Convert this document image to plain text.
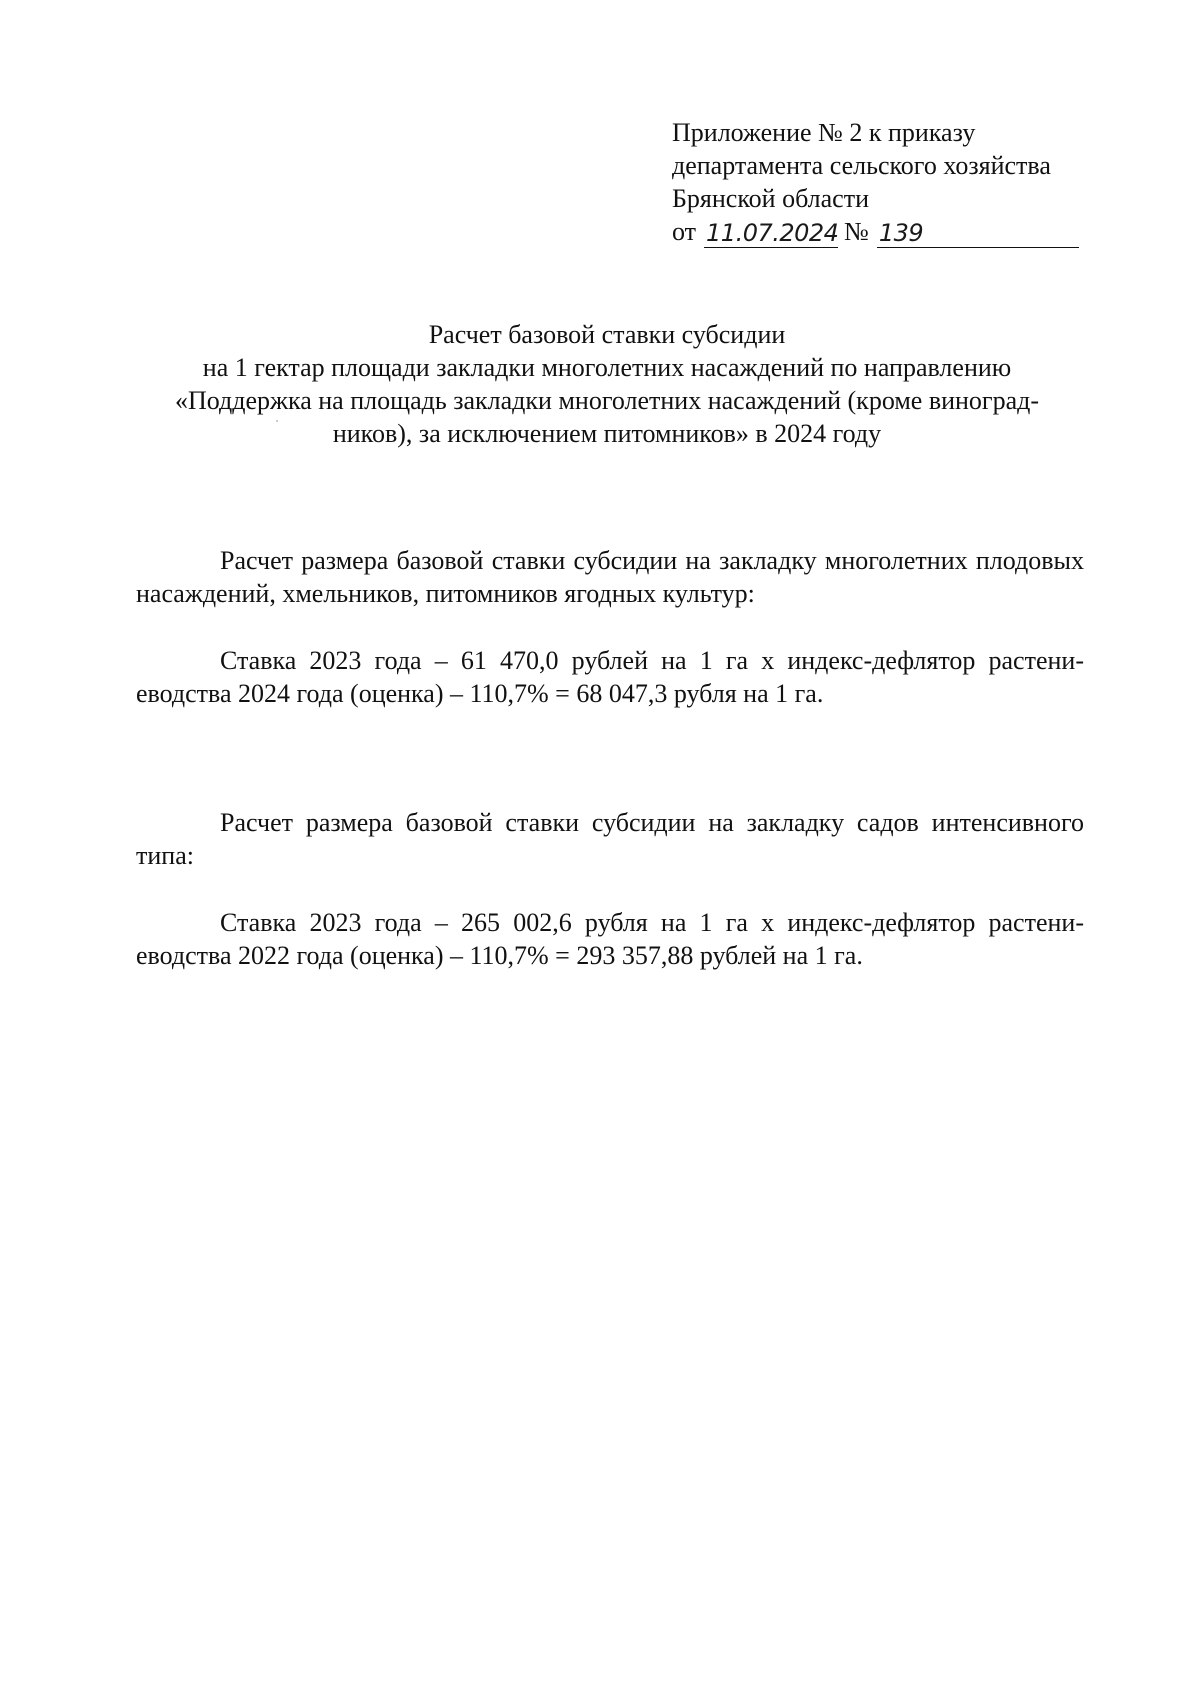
Приложение № 2 к приказу
департамента сельского хозяйства
Брянской области
от 11.07.2024 № 139
Расчет базовой ставки субсидии
на 1 гектар площади закладки многолетних насаждений по направлению
«Поддержка на площадь закладки многолетних насаждений (кроме виноград-
ников), за исключением питомников» в 2024 году

Расчет размера базовой ставки субсидии на закладку многолетних плодовых насаждений, хмельников, питомников ягодных культур:

Ставка 2023 года – 61 470,0 рублей на 1 га х индекс-дефлятор растениеводства 2024 года (оценка) – 110,7% = 68 047,3 рубля на 1 га.

Расчет размера базовой ставки субсидии на закладку садов интенсивного типа:

Ставка 2023 года – 265 002,6 рубля на 1 га х индекс-дефлятор растениеводства 2022 года (оценка) – 110,7% = 293 357,88 рублей на 1 га.
